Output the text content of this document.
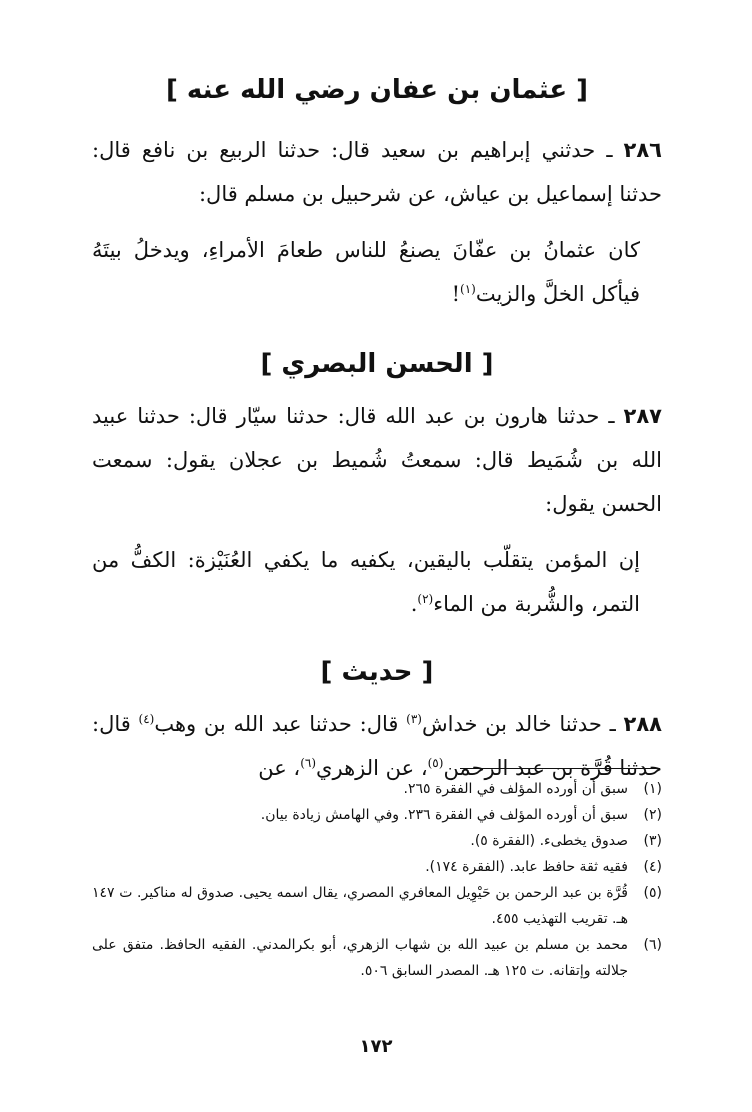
[ عثمان بن عفان رضي الله عنه ]

٢٨٦ ـ حدثني إبراهيم بن سعيد قال: حدثنا الربيع بن نافع قال: حدثنا إسماعيل بن عياش، عن شرحبيل بن مسلم قال:

كان عثمانُ بن عفّانَ يصنعُ للناس طعامَ الأمراءِ، ويدخلُ بيتَهُ فيأكل الخلَّ والزيت$^{(١)}$!

[ الحسن البصري ]

٢٨٧ ـ حدثنا هارون بن عبد الله قال: حدثنا سيّار قال: حدثنا عبيد الله بن شُمَيط قال: سمعتُ شُميط بن عجلان يقول: سمعت الحسن يقول:

إن المؤمن يتقلّب باليقين، يكفيه ما يكفي العُنَيْزة: الكفُّ من التمر، والشُّربة من الماء$^{(٢)}$.

[ حديث ]

٢٨٨ ـ حدثنا خالد بن خداش$^{(٣)}$ قال: حدثنا عبد الله بن وهب$^{(٤)}$ قال: حدثنا قُرَّة بن عبد الرحمن$^{(٥)}$، عن الزهري$^{(٦)}$، عن

(١)
سبق أن أورده المؤلف في الفقرة ٢٦٥.
(٢)
سبق أن أورده المؤلف في الفقرة ٢٣٦. وفي الهامش زيادة بيان.
(٣)
صدوق يخطىء. (الفقرة ٥).
(٤)
فقيه ثقة حافظ عابد. (الفقرة ١٧٤).
(٥)
قُرَّة بن عبد الرحمن بن حَيْوِيل المعافري المصري، يقال اسمه يحيى. صدوق له مناكير. ت ١٤٧ هـ. تقريب التهذيب ٤٥٥.
(٦)
محمد بن مسلم بن عبيد الله بن شهاب الزهري، أبو بكرالمدني. الفقيه الحافظ. متفق على جلالته وإتقانه. ت ١٢٥ هـ. المصدر السابق ٥٠٦.
١٧٢
